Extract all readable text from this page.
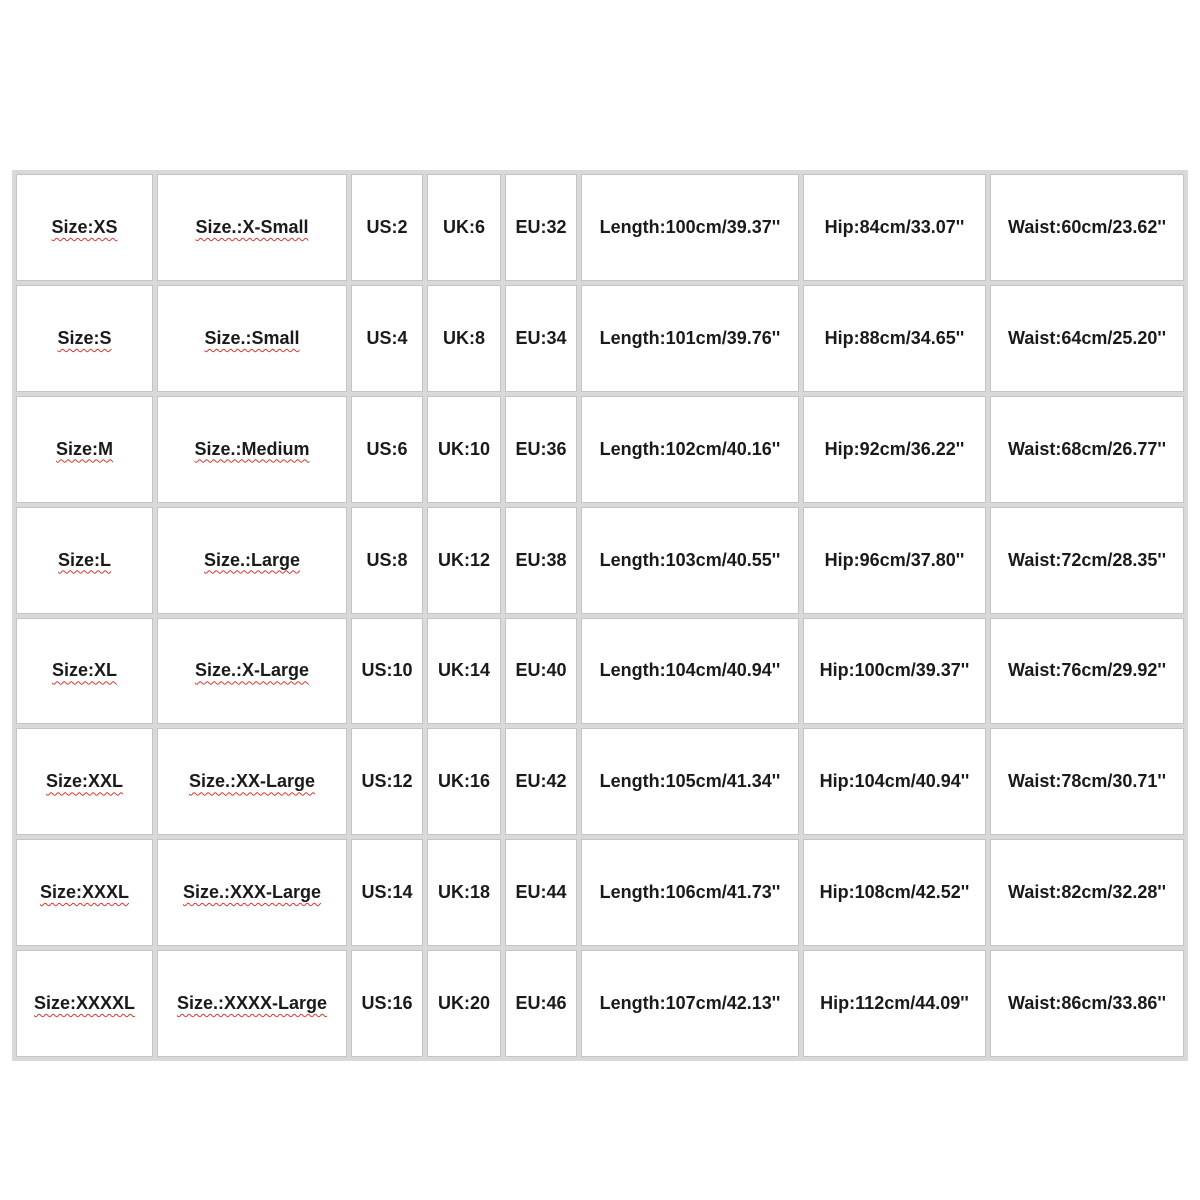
Size:XS	Size.:X-Small	US:2	UK:6	EU:32	Length:100cm/39.37''	Hip:84cm/33.07''	Waist:60cm/23.62''
Size:S	Size.:Small	US:4	UK:8	EU:34	Length:101cm/39.76''	Hip:88cm/34.65''	Waist:64cm/25.20''
Size:M	Size.:Medium	US:6	UK:10	EU:36	Length:102cm/40.16''	Hip:92cm/36.22''	Waist:68cm/26.77''
Size:L	Size.:Large	US:8	UK:12	EU:38	Length:103cm/40.55''	Hip:96cm/37.80''	Waist:72cm/28.35''
Size:XL	Size.:X-Large	US:10	UK:14	EU:40	Length:104cm/40.94''	Hip:100cm/39.37''	Waist:76cm/29.92''
Size:XXL	Size.:XX-Large	US:12	UK:16	EU:42	Length:105cm/41.34''	Hip:104cm/40.94''	Waist:78cm/30.71''
Size:XXXL	Size.:XXX-Large	US:14	UK:18	EU:44	Length:106cm/41.73''	Hip:108cm/42.52''	Waist:82cm/32.28''
Size:XXXXL	Size.:XXXX-Large	US:16	UK:20	EU:46	Length:107cm/42.13''	Hip:112cm/44.09''	Waist:86cm/33.86''
